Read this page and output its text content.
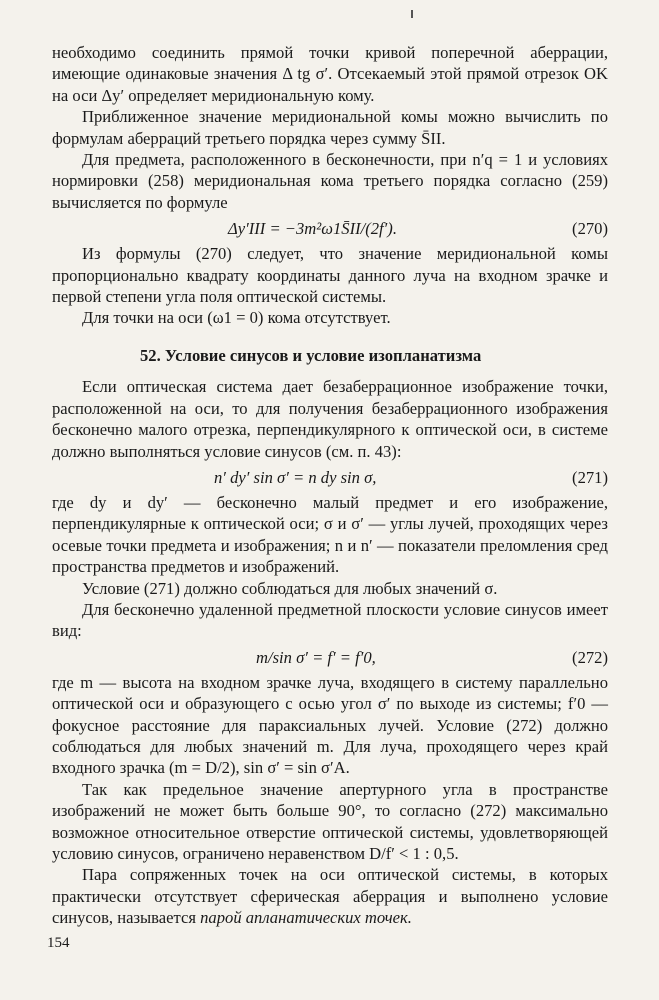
необходимо соединить прямой точки кривой поперечной аберрации, имеющие одинаковые значения Δ tg σ′. Отсекаемый этой прямой отрезок OK на оси Δy′ определяет меридиональную кому.

Приближенное значение меридиональной комы можно вычислить по формулам аберраций третьего порядка через сумму S̄II.

Для предмета, расположенного в бесконечности, при n′q = 1 и условиях нормировки (258) меридиональная кома третьего порядка согласно (259) вычисляется по формуле

Δy′III = −3m²ω1S̄II/(2f′).	(270)

Из формулы (270) следует, что значение меридиональной комы пропорционально квадрату координаты данного луча на входном зрачке и первой степени угла поля оптической системы.

Для точки на оси (ω1 = 0) кома отсутствует.

52. Условие синусов и условие изопланатизма

Если оптическая система дает безаберрационное изображение точки, расположенной на оси, то для получения безаберрационного изображения бесконечно малого отрезка, перпендикулярного к оптической оси, в системе должно выполняться условие синусов (см. п. 43):

n′ dy′ sin σ′ = n dy sin σ,	(271)

где dy и dy′ — бесконечно малый предмет и его изображение, перпендикулярные к оптической оси; σ и σ′ — углы лучей, проходящих через осевые точки предмета и изображения; n и n′ — показатели преломления сред пространства предметов и изображений.

Условие (271) должно соблюдаться для любых значений σ.

Для бесконечно удаленной предметной плоскости условие синусов имеет вид:

m/sin σ′ = f′ = f′0,	(272)

где m — высота на входном зрачке луча, входящего в систему параллельно оптической оси и образующего с осью угол σ′ по выходе из системы; f′0 — фокусное расстояние для параксиальных лучей. Условие (272) должно соблюдаться для любых значений m. Для луча, проходящего через край входного зрачка (m = D/2), sin σ′ = sin σ′A.

Так как предельное значение апертурного угла в пространстве изображений не может быть больше 90°, то согласно (272) максимально возможное относительное отверстие оптической системы, удовлетворяющей условию синусов, ограничено неравенством D/f′ < 1 : 0,5.

Пара сопряженных точек на оси оптической системы, в которых практически отсутствует сферическая аберрация и выполнено условие синусов, называется парой апланатических точек.

154
